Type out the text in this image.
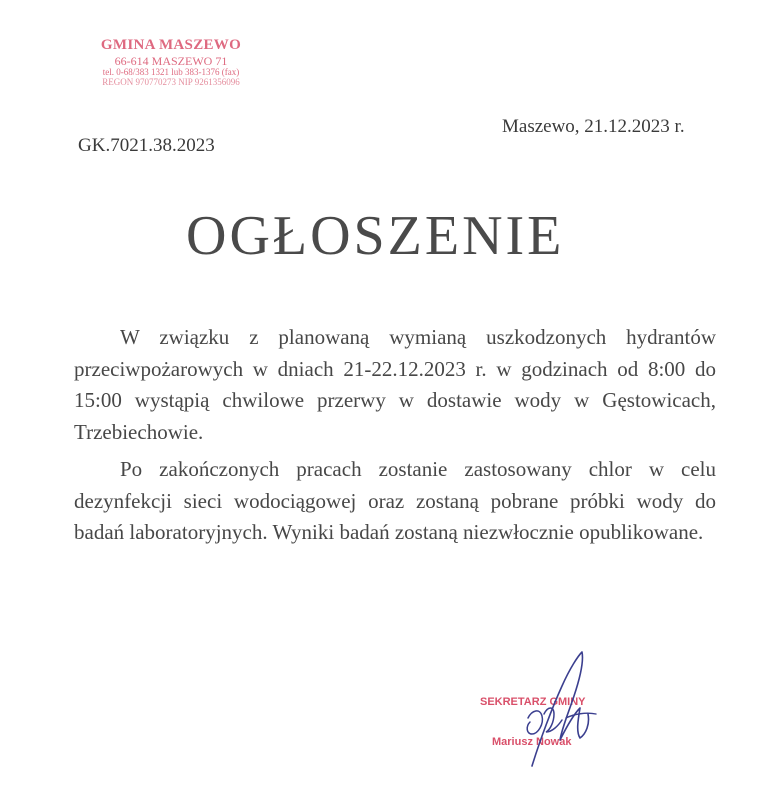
GMINA MASZEWO
66-614 MASZEWO 71
tel. 0-68/383 1321 lub 383-1376 (fax)
REGON 970770273 NIP 9261356096
Maszewo, 21.12.2023 r.
GK.7021.38.2023
OGŁOSZENIE

W związku z planowaną wymianą uszkodzonych hydrantów przeciwpożarowych w dniach 21-22.12.2023 r. w godzinach od 8:00 do 15:00 wystąpią chwilowe przerwy w dostawie wody w Gęstowicach, Trzebiechowie.

Po zakończonych pracach zostanie zastosowany chlor w celu dezynfekcji sieci wodociągowej oraz zostaną pobrane próbki wody do badań laboratoryjnych. Wyniki badań zostaną niezwłocznie opublikowane.

SEKRETARZ GMINY
Mariusz Nowak
